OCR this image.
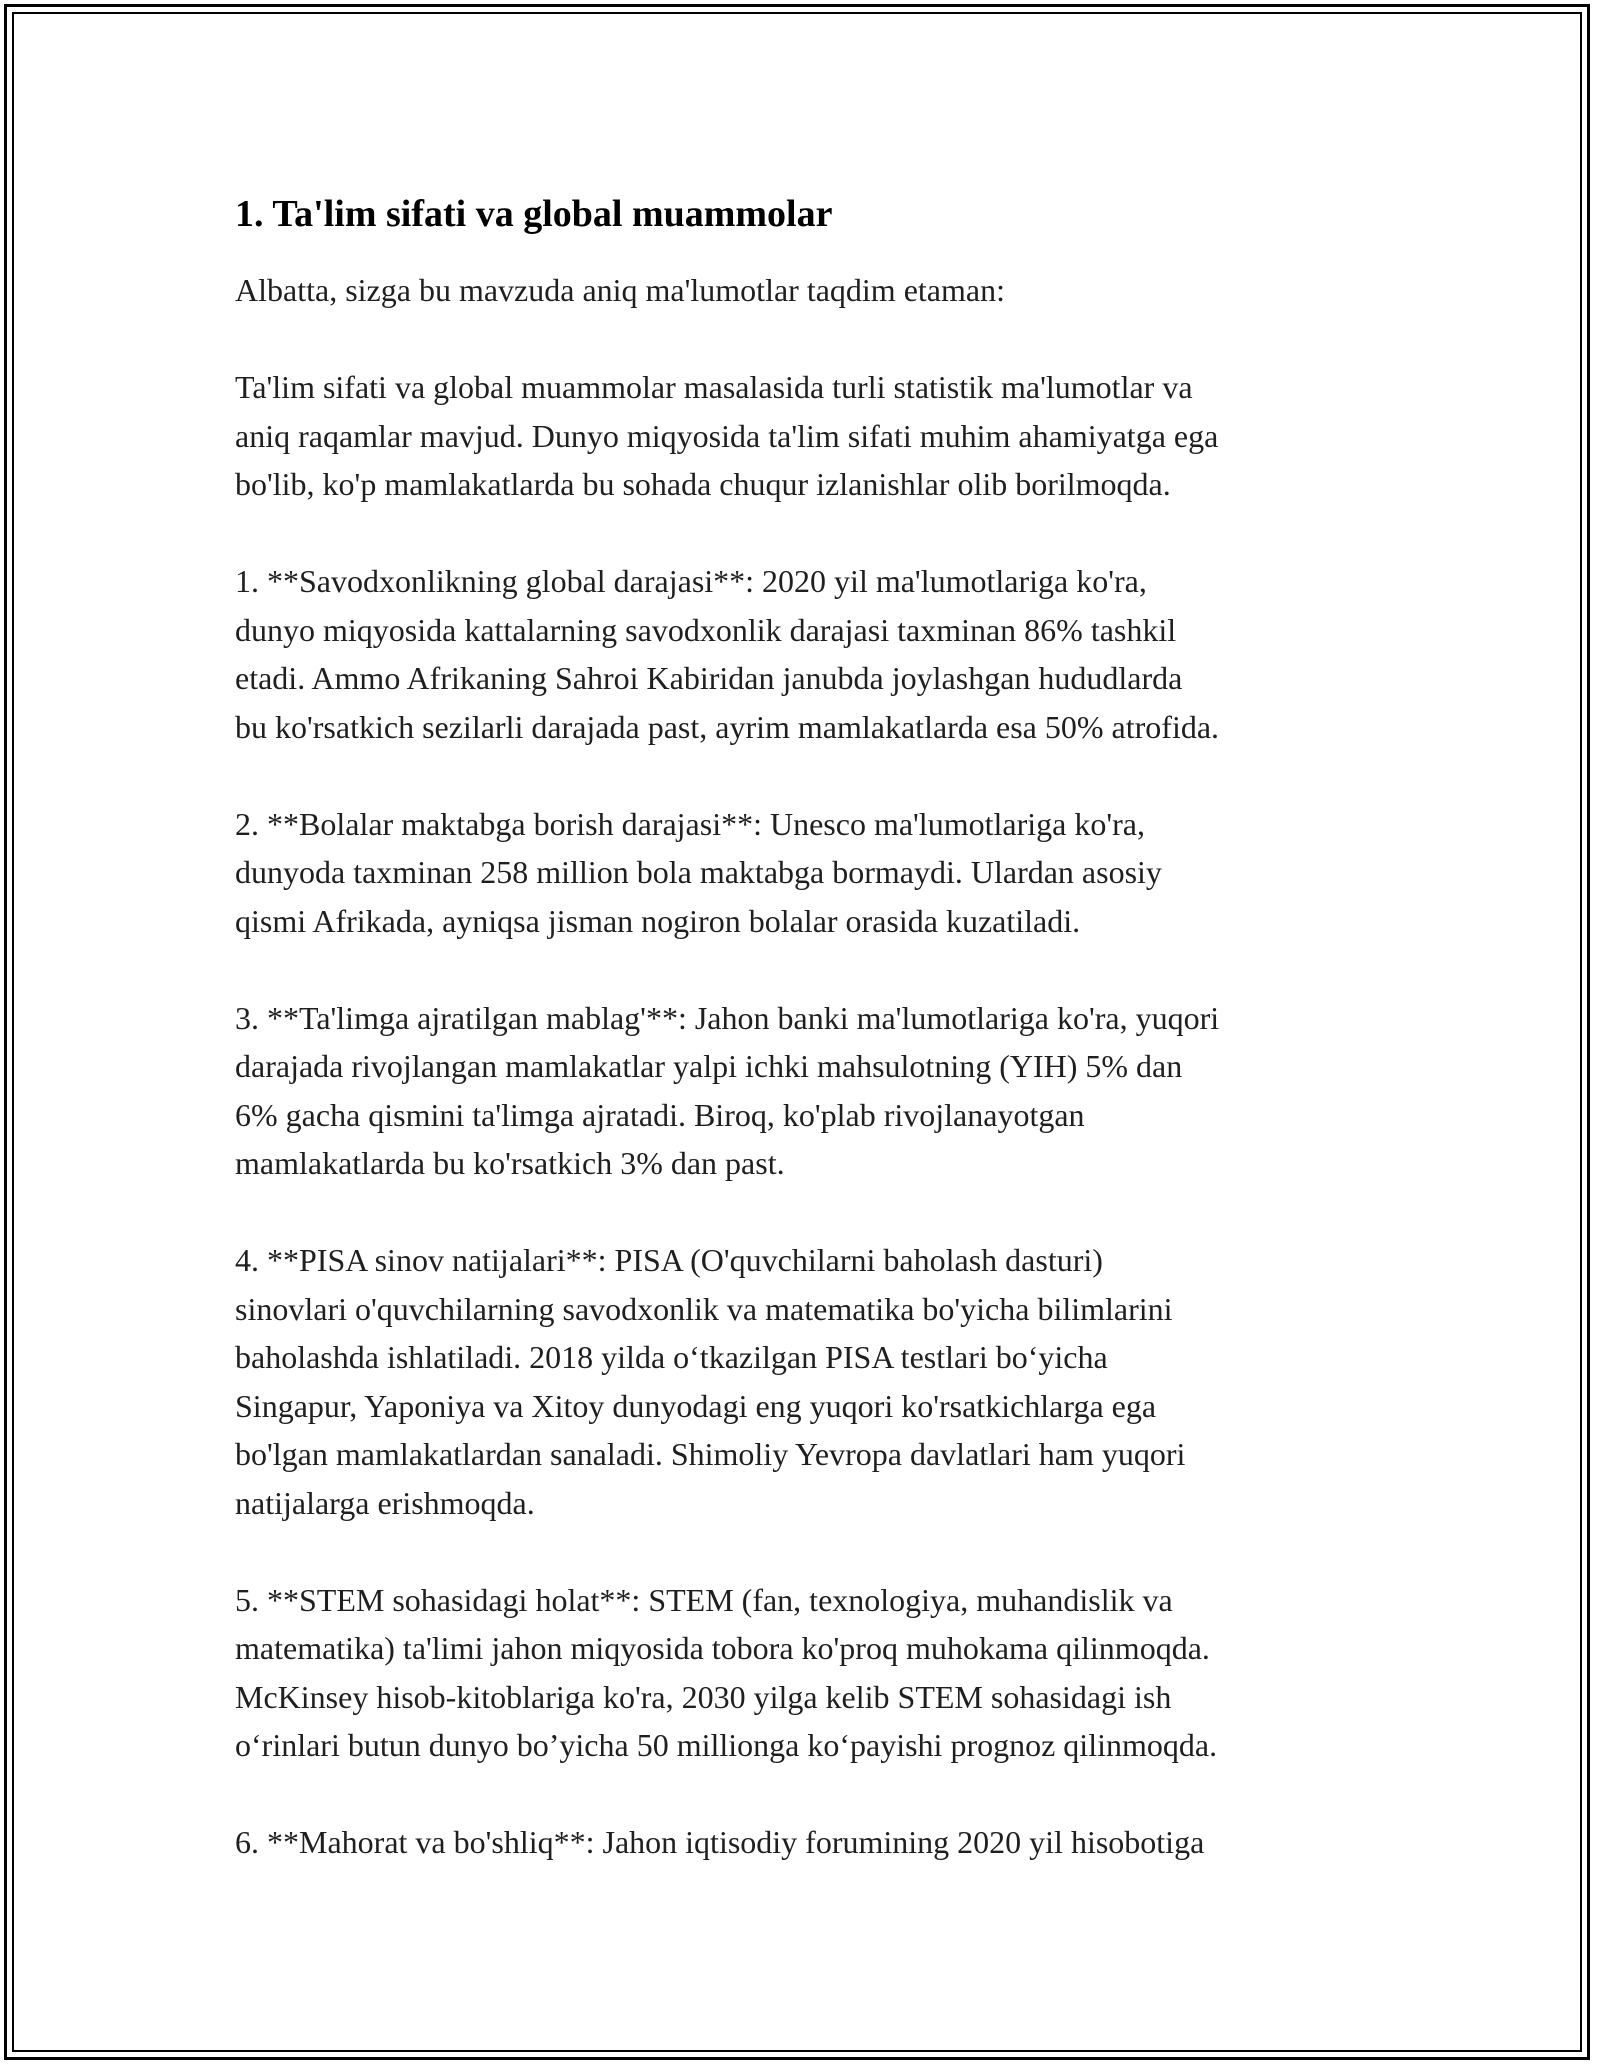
1. Ta'lim sifati va global muammolar

Albatta, sizga bu mavzuda aniq ma'lumotlar taqdim etaman:

Ta'lim sifati va global muammolar masalasida turli statistik ma'lumotlar va
aniq raqamlar mavjud. Dunyo miqyosida ta'lim sifati muhim ahamiyatga ega
bo'lib, ko'p mamlakatlarda bu sohada chuqur izlanishlar olib borilmoqda.

1. **Savodxonlikning global darajasi**: 2020 yil ma'lumotlariga ko'ra,
dunyo miqyosida kattalarning savodxonlik darajasi taxminan 86% tashkil
etadi. Ammo Afrikaning Sahroi Kabiridan janubda joylashgan hududlarda
bu ko'rsatkich sezilarli darajada past, ayrim mamlakatlarda esa 50% atrofida.

2. **Bolalar maktabga borish darajasi**: Unesco ma'lumotlariga ko'ra,
dunyoda taxminan 258 million bola maktabga bormaydi. Ulardan asosiy
qismi Afrikada, ayniqsa jisman nogiron bolalar orasida kuzatiladi.

3. **Ta'limga ajratilgan mablag'**: Jahon banki ma'lumotlariga ko'ra, yuqori
darajada rivojlangan mamlakatlar yalpi ichki mahsulotning (YIH) 5% dan
6% gacha qismini ta'limga ajratadi. Biroq, ko'plab rivojlanayotgan
mamlakatlarda bu ko'rsatkich 3% dan past.

4. **PISA sinov natijalari**: PISA (O'quvchilarni baholash dasturi)
sinovlari o'quvchilarning savodxonlik va matematika bo'yicha bilimlarini
baholashda ishlatiladi. 2018 yilda o‘tkazilgan PISA testlari bo‘yicha
Singapur, Yaponiya va Xitoy dunyodagi eng yuqori ko'rsatkichlarga ega
bo'lgan mamlakatlardan sanaladi. Shimoliy Yevropa davlatlari ham yuqori
natijalarga erishmoqda.

5. **STEM sohasidagi holat**: STEM (fan, texnologiya, muhandislik va
matematika) ta'limi jahon miqyosida tobora ko'proq muhokama qilinmoqda.
McKinsey hisob-kitoblariga ko'ra, 2030 yilga kelib STEM sohasidagi ish
o‘rinlari butun dunyo bo’yicha 50 millionga ko‘payishi prognoz qilinmoqda.

6. **Mahorat va bo'shliq**: Jahon iqtisodiy forumining 2020 yil hisobotiga
